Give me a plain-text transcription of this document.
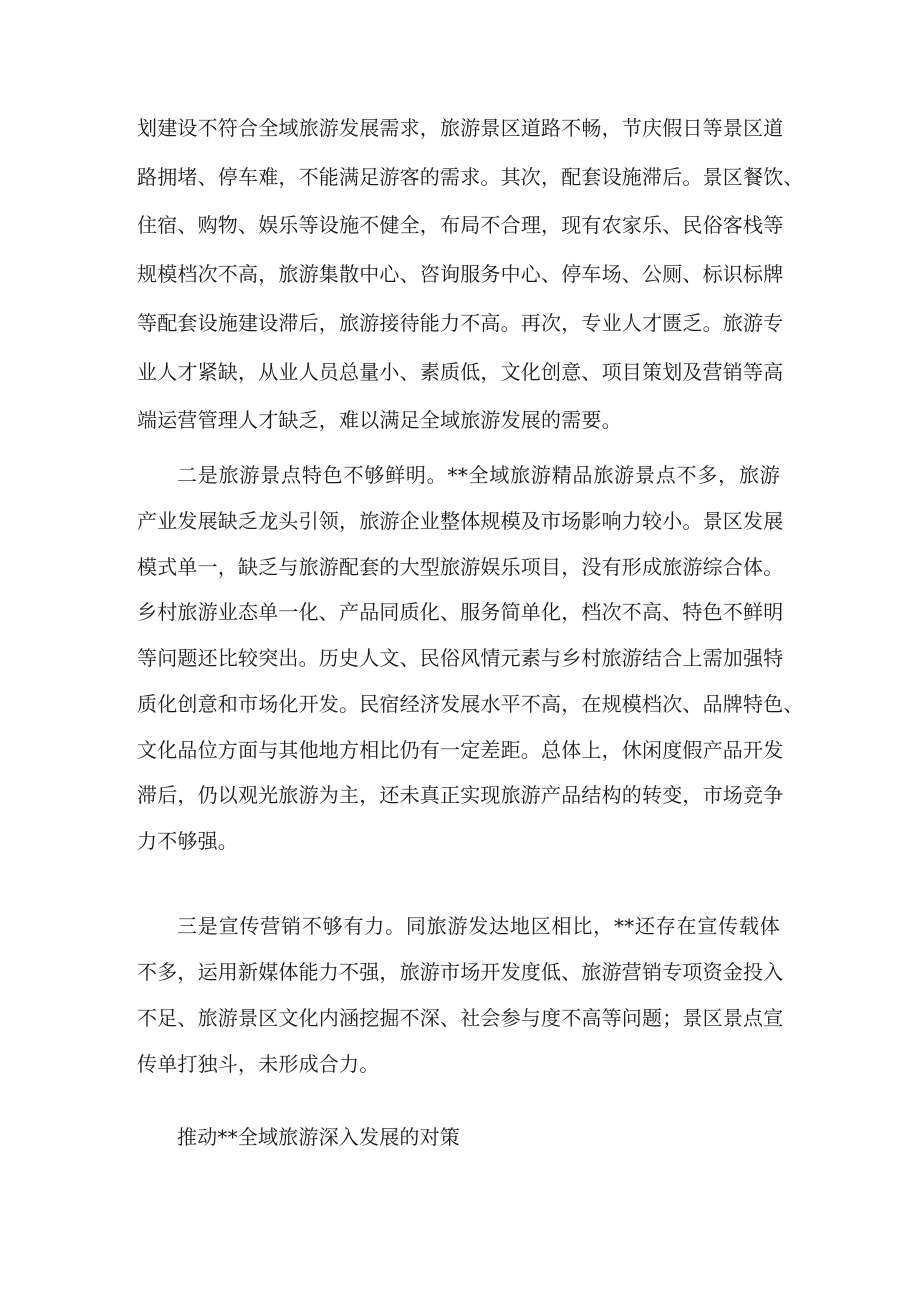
划建设不符合全域旅游发展需求，旅游景区道路不畅，节庆假日等景区道
路拥堵、停车难，不能满足游客的需求。其次，配套设施滞后。景区餐饮、
住宿、购物、娱乐等设施不健全，布局不合理，现有农家乐、民俗客栈等
规模档次不高，旅游集散中心、咨询服务中心、停车场、公厕、标识标牌
等配套设施建设滞后，旅游接待能力不高。再次，专业人才匮乏。旅游专
业人才紧缺，从业人员总量小、素质低，文化创意、项目策划及营销等高
端运营管理人才缺乏，难以满足全域旅游发展的需要。
二是旅游景点特色不够鲜明。**全域旅游精品旅游景点不多，旅游
产业发展缺乏龙头引领，旅游企业整体规模及市场影响力较小。景区发展
模式单一，缺乏与旅游配套的大型旅游娱乐项目，没有形成旅游综合体。
乡村旅游业态单一化、产品同质化、服务简单化，档次不高、特色不鲜明
等问题还比较突出。历史人文、民俗风情元素与乡村旅游结合上需加强特
质化创意和市场化开发。民宿经济发展水平不高，在规模档次、品牌特色、
文化品位方面与其他地方相比仍有一定差距。总体上，休闲度假产品开发
滞后，仍以观光旅游为主，还未真正实现旅游产品结构的转变，市场竞争
力不够强。
三是宣传营销不够有力。同旅游发达地区相比，**还存在宣传载体
不多，运用新媒体能力不强，旅游市场开发度低、旅游营销专项资金投入
不足、旅游景区文化内涵挖掘不深、社会参与度不高等问题；景区景点宣
传单打独斗，未形成合力。
推动**全域旅游深入发展的对策
